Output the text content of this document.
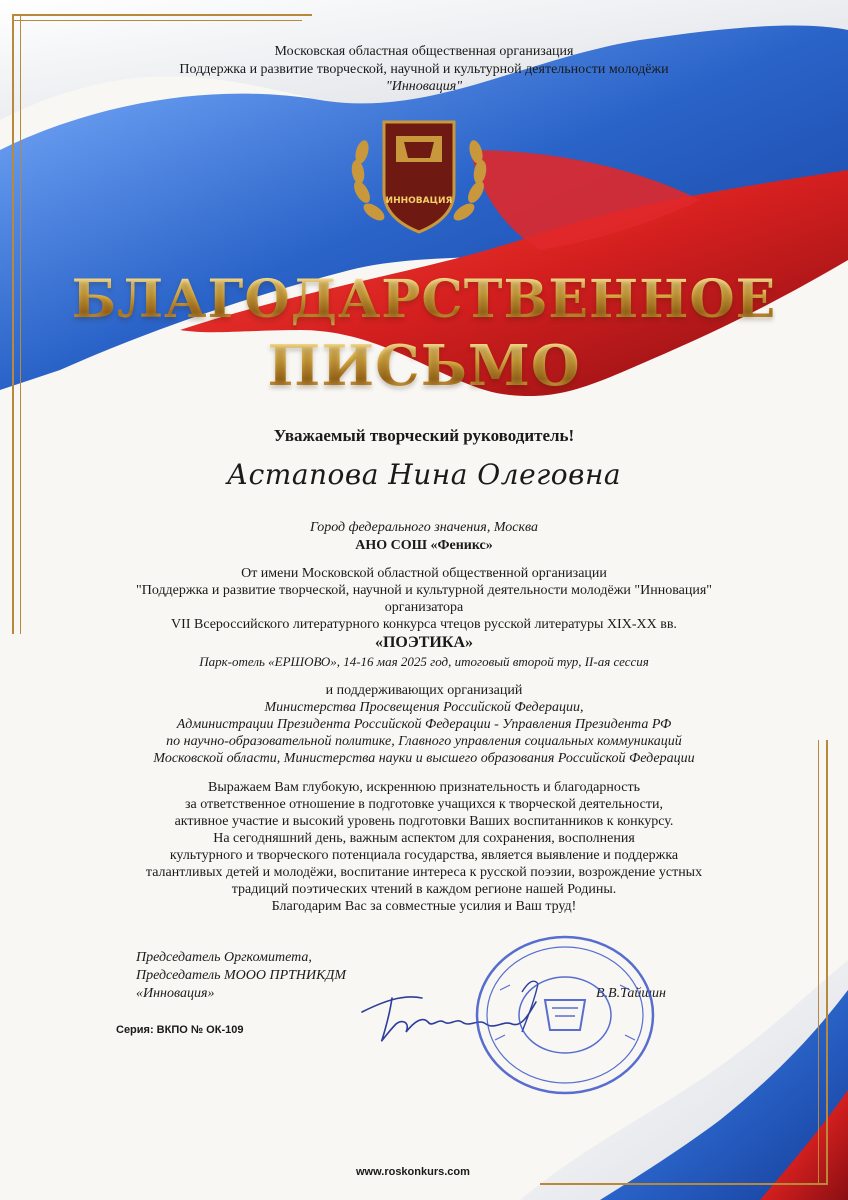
Московская областная общественная организация
Поддержка и развитие творческой, научной и культурной деятельности молодёжи
"Инновация"
ИННОВАЦИЯ
БЛАГОДАРСТВЕННОЕ
ПИСЬМО
Уважаемый творческий руководитель!
Астапова Нина Олеговна
Город федерального значения, Москва
АНО СОШ «Феникс»
От имени Московской областной общественной организации
"Поддержка и развитие творческой, научной и культурной деятельности молодёжи "Инновация"
организатора
VII Всероссийского литературного конкурса чтецов русской литературы XIX-XX вв.
«ПОЭТИКА»
Парк-отель «ЕРШОВО», 14-16 мая 2025 год, итоговый второй тур, II-ая сессия
и поддерживающих организаций
Министерства Просвещения Российской Федерации,
Администрации Президента Российской Федерации - Управления Президента РФ
по научно-образовательной политике, Главного управления социальных коммуникаций
Московской области, Министерства науки и высшего образования Российской Федерации
Выражаем Вам глубокую, искреннюю признательность и благодарность
за ответственное отношение в подготовке учащихся к творческой деятельности,
активное участие и высокий уровень подготовки Ваших воспитанников к конкурсу.
На сегодняшний день, важным аспектом для сохранения, восполнения
культурного и творческого потенциала государства, является выявление и поддержка
талантливых детей и молодёжи, воспитание интереса к русской поэзии, возрождение устных
традиций поэтических чтений в каждом регионе нашей Родины.
Благодарим Вас за совместные усилия и Ваш труд!
Председатель Оргкомитета,
Председатель МООО ПРТНИКДМ
«Инновация»	В.В.Тайшин
Серия: ВКПО № ОК-109
www.roskonkurs.com
